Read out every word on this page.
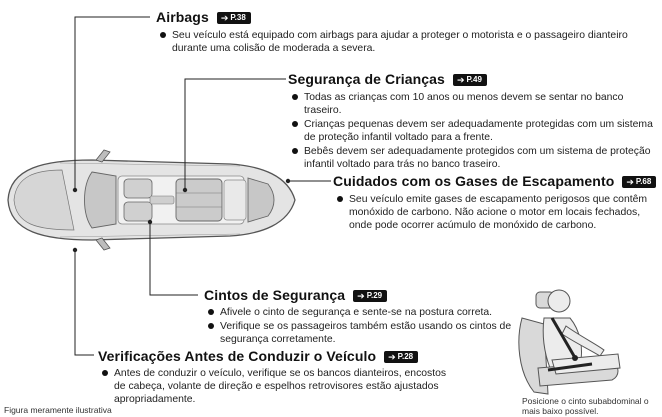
Airbags ➔ P.38
Seu veículo está equipado com airbags para ajudar a proteger o motorista e o passageiro dianteiro durante uma colisão de moderada a severa.
Segurança de Crianças ➔ P.49
Todas as crianças com 10 anos ou menos devem se sentar no banco traseiro.
Crianças pequenas devem ser adequadamente protegidas com um sistema de proteção infantil voltado para a frente.
Bebês devem ser adequadamente protegidos com um sistema de proteção infantil voltado para trás no banco traseiro.
Cuidados com os Gases de Escapamento ➔ P.68
Seu veículo emite gases de escapamento perigosos que contêm monóxido de carbono. Não acione o motor em locais fechados, onde pode ocorrer acúmulo de monóxido de carbono.
Cintos de Segurança ➔ P.29
Afivele o cinto de segurança e sente-se na postura correta.
Verifique se os passageiros também estão usando os cintos de segurança corretamente.
Verificações Antes de Conduzir o Veículo ➔ P.28
Antes de conduzir o veículo, verifique se os bancos dianteiros, encostos de cabeça, volante de direção e espelhos retrovisores estão ajustados apropriadamente.
Figura meramente ilustrativa
Posicione o cinto subabdominal o mais baixo possível.
